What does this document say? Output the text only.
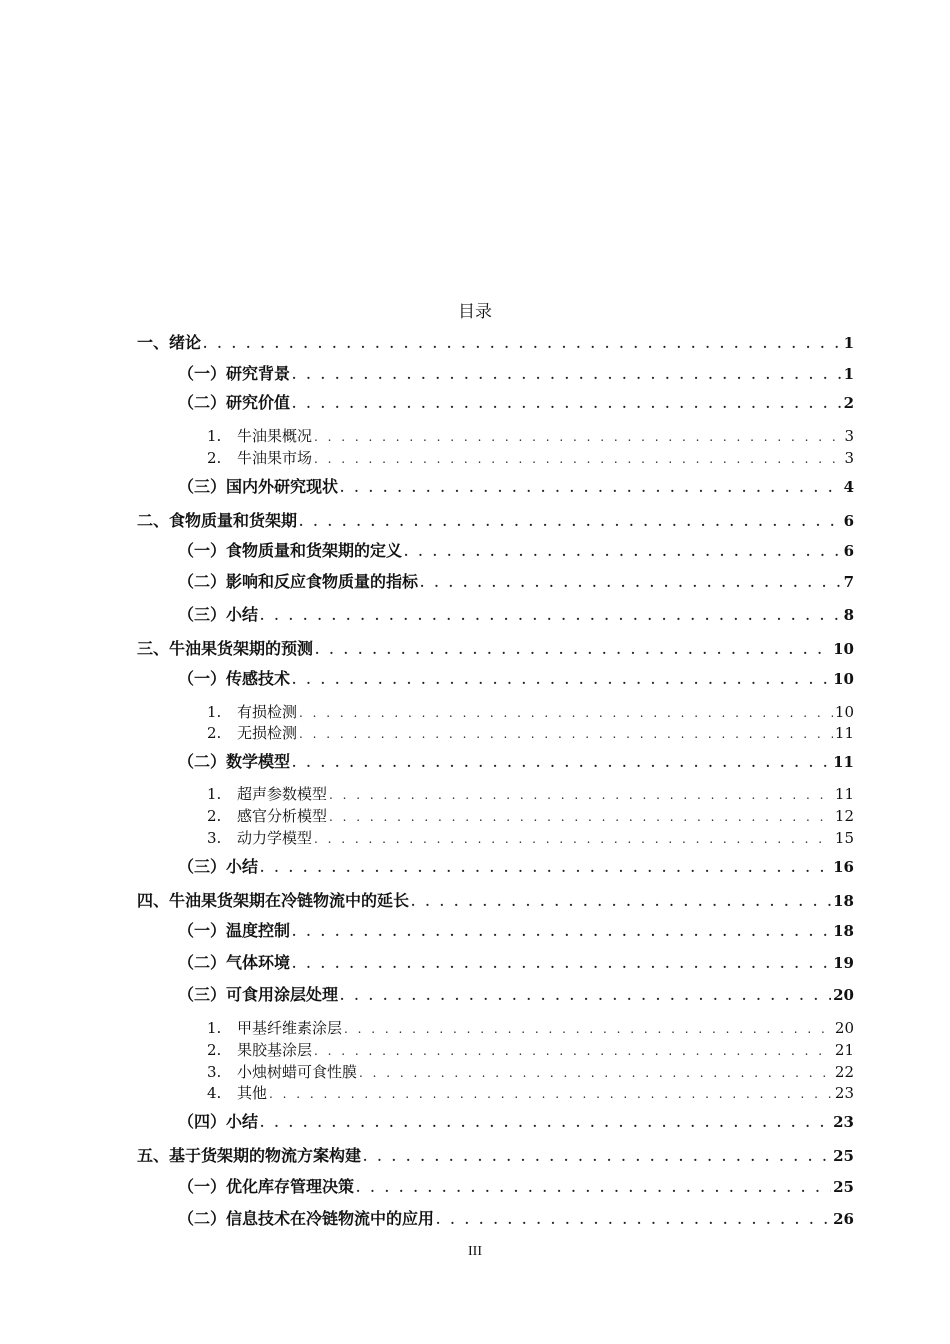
目录
一、绪论 . . .	1
（一）研究背景 . . .	1
（二）研究价值 . . .	2
1. 牛油果概况 . . .	3
2. 牛油果市场 . . .	3
（三）国内外研究现状 . . .	4
二、食物质量和货架期 . . .	6
（一）食物质量和货架期的定义 . . .	6
（二）影响和反应食物质量的指标 . . .	7
（三）小结 . . .	8
三、牛油果货架期的预测 . . .	10
（一）传感技术 . . .	10
1. 有损检测 . . .	10
2. 无损检测 . . .	11
（二）数学模型 . . .	11
1. 超声参数模型 . . .	11
2. 感官分析模型 . . .	12
3. 动力学模型 . . .	15
（三）小结 . . .	16
四、牛油果货架期在冷链物流中的延长 . . .	18
（一）温度控制 . . .	18
（二）气体环境 . . .	19
（三）可食用涂层处理 . . .	20
1. 甲基纤维素涂层 . . .	20
2. 果胶基涂层 . . .	21
3. 小烛树蜡可食性膜 . . .	22
4. 其他 . . .	23
（四）小结 . . .	23
五、基于货架期的物流方案构建 . . .	25
（一）优化库存管理决策 . . .	25
（二）信息技术在冷链物流中的应用 . . .	26
III
